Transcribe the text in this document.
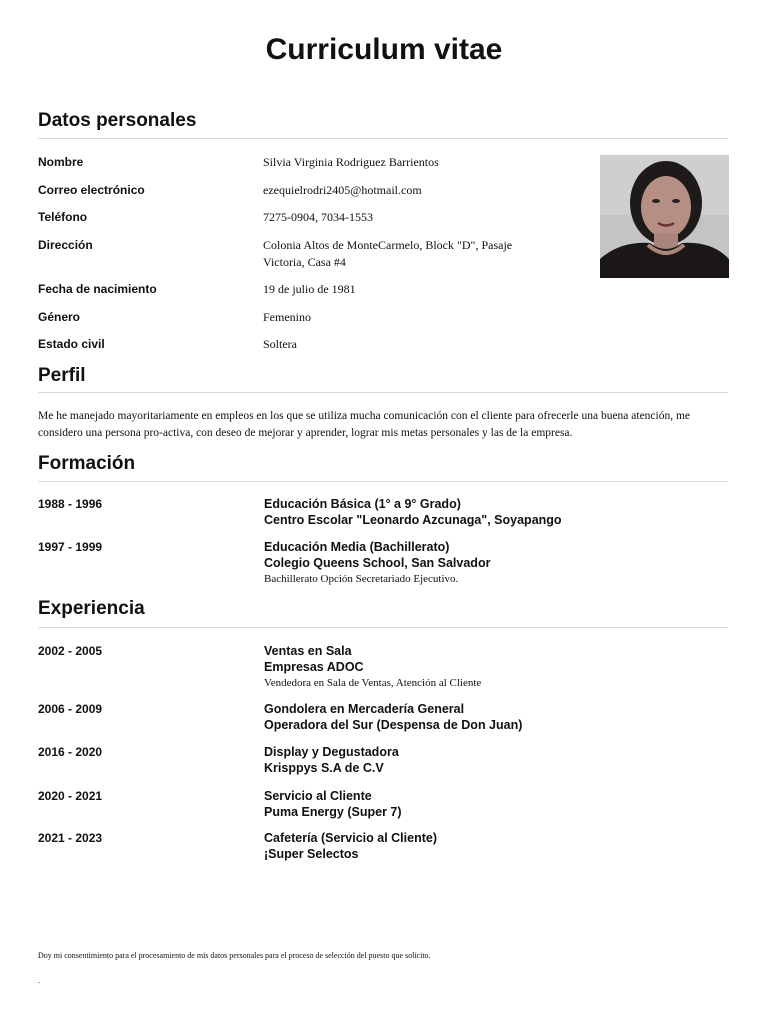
Curriculum vitae
Datos personales
Nombre	Silvia Virginia Rodriguez Barrientos
Correo electrónico	ezequielrodri2405@hotmail.com
Teléfono	7275-0904, 7034-1553
Dirección	Colonia Altos de MonteCarmelo, Block "D", Pasaje
Victoria, Casa #4
Fecha de nacimiento	19 de julio de 1981
Género	Femenino
Estado civil	Soltera
Perfil
Me he manejado mayoritariamente en empleos en los que se utiliza mucha comunicación con el cliente para ofrecerle una buena atención, me considero una persona pro-activa, con deseo de mejorar y aprender, lograr mis metas personales y las de la empresa.
Formación
1988 - 1996	Educación Básica (1° a 9° Grado)
Centro Escolar "Leonardo Azcunaga", Soyapango
1997 - 1999	Educación Media (Bachillerato)
Colegio Queens School, San Salvador
Bachillerato Opción Secretariado Ejecutivo.
Experiencia
2002 - 2005	Ventas en Sala
Empresas ADOC
Vendedora en Sala de Ventas, Atención al Cliente
2006 - 2009	Gondolera en Mercadería General
Operadora del Sur (Despensa de Don Juan)
2016 - 2020	Display y Degustadora
Krisppys S.A de C.V
2020 - 2021	Servicio al Cliente
Puma Energy (Super 7)
2021 - 2023	Cafetería (Servicio al Cliente)
¡Super Selectos
Doy mi consentimiento para el procesamiento de mis datos personales para el proceso de selección del puesto que solicito.
.
